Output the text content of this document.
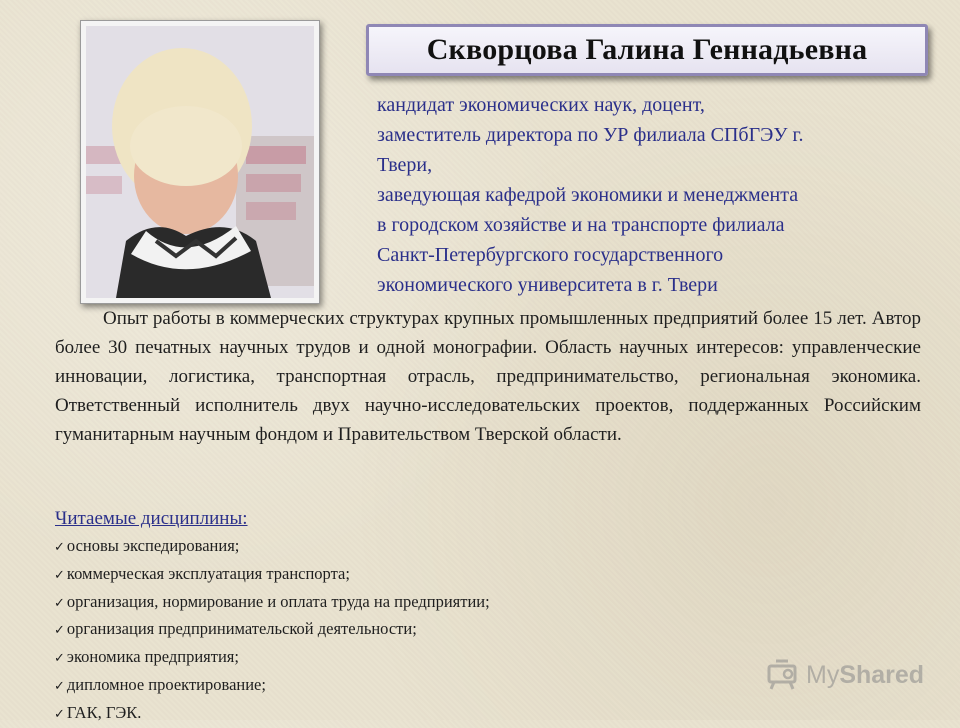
Скворцова Галина Геннадьевна
кандидат экономических наук, доцент,
заместитель директора по УР филиала СПбГЭУ г.
Твери,
заведующая кафедрой экономики и менеджмента
в городском хозяйстве и на транспорте филиала
Санкт-Петербургского государственного
экономического университета в г. Твери
Опыт работы в коммерческих структурах крупных промышленных предприятий более 15 лет. Автор более 30 печатных научных трудов и одной монографии. Область научных интересов: управленческие инновации, логистика, транспортная отрасль, предпринимательство, региональная экономика. Ответственный исполнитель двух научно-исследовательских проектов, поддержанных Российским гуманитарным научным фондом и Правительством Тверской области.
Читаемые дисциплины:
✓ основы экспедирования;
✓ коммерческая эксплуатация транспорта;
✓ организация, нормирование и оплата труда на предприятии;
✓ организация предпринимательской деятельности;
✓ экономика предприятия;
✓ дипломное проектирование;
✓ ГАК, ГЭК.
MyShared
